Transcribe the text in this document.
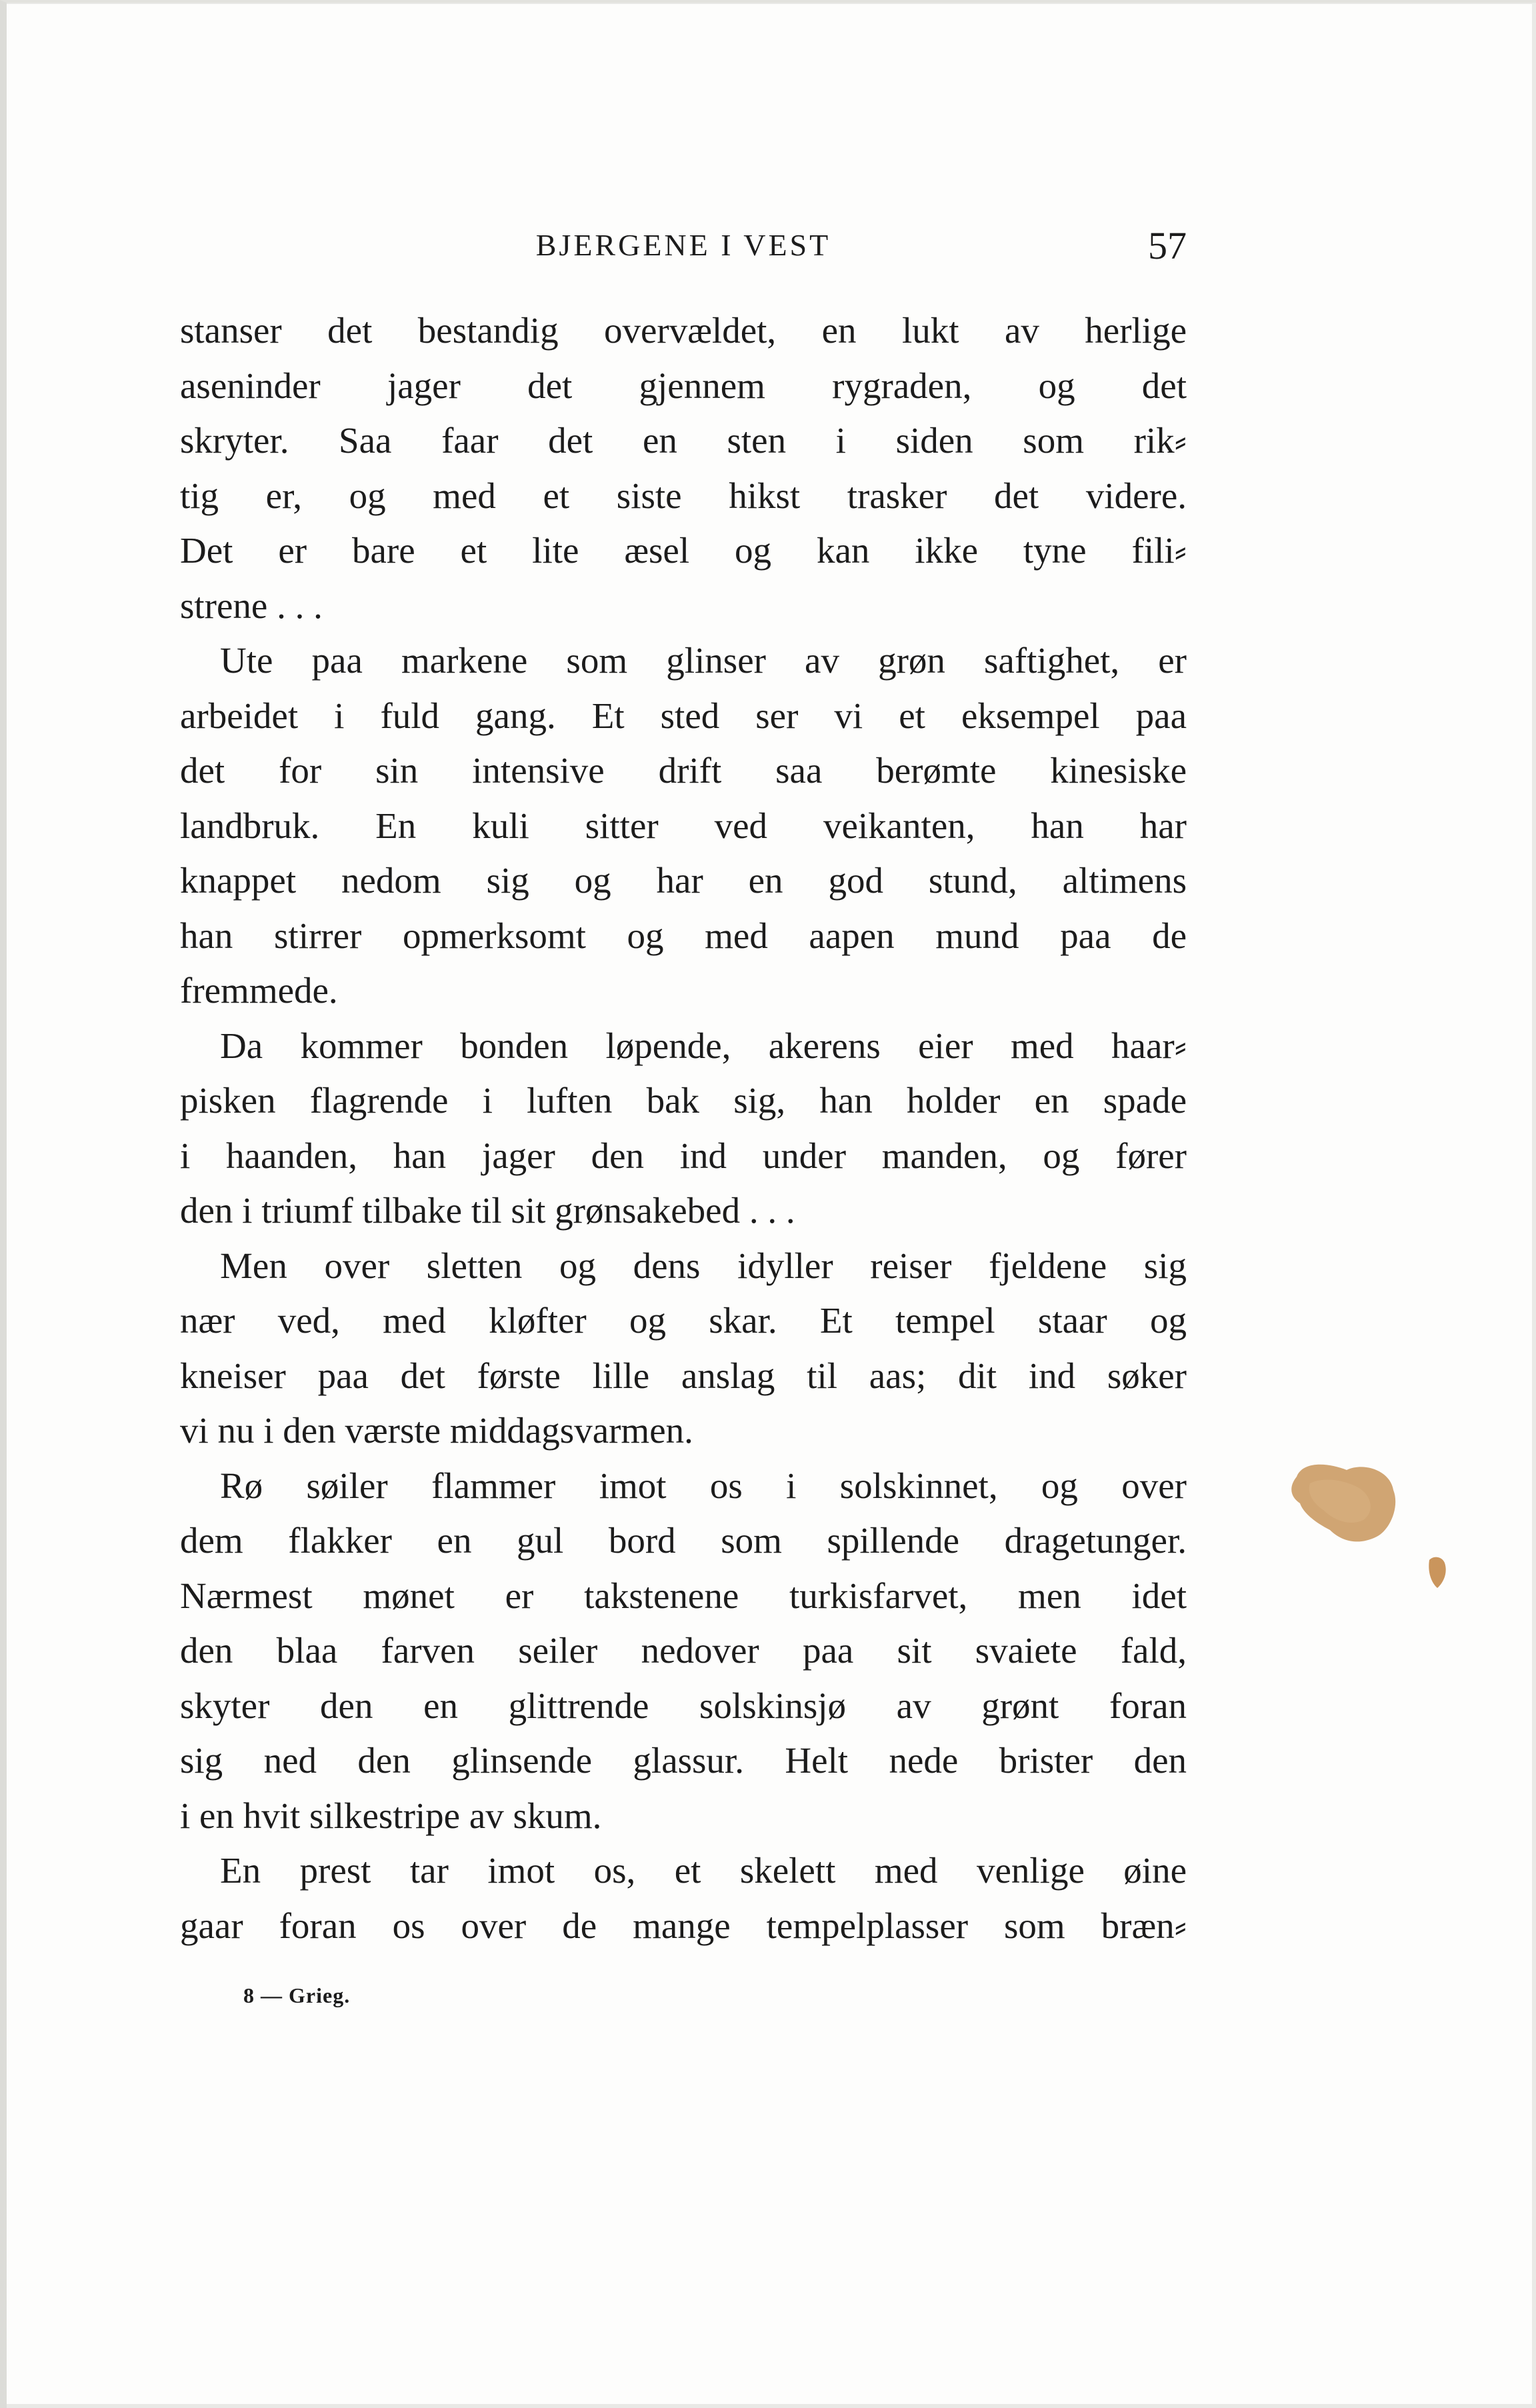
BJERGENE I VEST	57
stanser det bestandig overvældet, en lukt av herlige
aseninder jager det gjennem rygraden, og det
skryter. Saa faar det en sten i siden som rik⸗
tig er, og med et siste hikst trasker det videre.
Det er bare et lite æsel og kan ikke tyne fili⸗
strene . . .
Ute paa markene som glinser av grøn saftighet, er
arbeidet i fuld gang. Et sted ser vi et eksempel paa
det for sin intensive drift saa berømte kinesiske
landbruk. En kuli sitter ved veikanten, han har
knappet nedom sig og har en god stund, altimens
han stirrer opmerksomt og med aapen mund paa de
fremmede.
Da kommer bonden løpende, akerens eier med haar⸗
pisken flagrende i luften bak sig, han holder en spade
i haanden, han jager den ind under manden, og fører
den i triumf tilbake til sit grønsakebed . . .
Men over sletten og dens idyller reiser fjeldene sig
nær ved, med kløfter og skar. Et tempel staar og
kneiser paa det første lille anslag til aas; dit ind søker
vi nu i den værste middagsvarmen.
Rø søiler flammer imot os i solskinnet, og over
dem flakker en gul bord som spillende dragetunger.
Nærmest mønet er takstenene turkisfarvet, men idet
den blaa farven seiler nedover paa sit svaiete fald,
skyter den en glittrende solskinsjø av grønt foran
sig ned den glinsende glassur. Helt nede brister den
i en hvit silkestripe av skum.
En prest tar imot os, et skelett med venlige øine
gaar foran os over de mange tempelplasser som bræn⸗
8 — Grieg.
